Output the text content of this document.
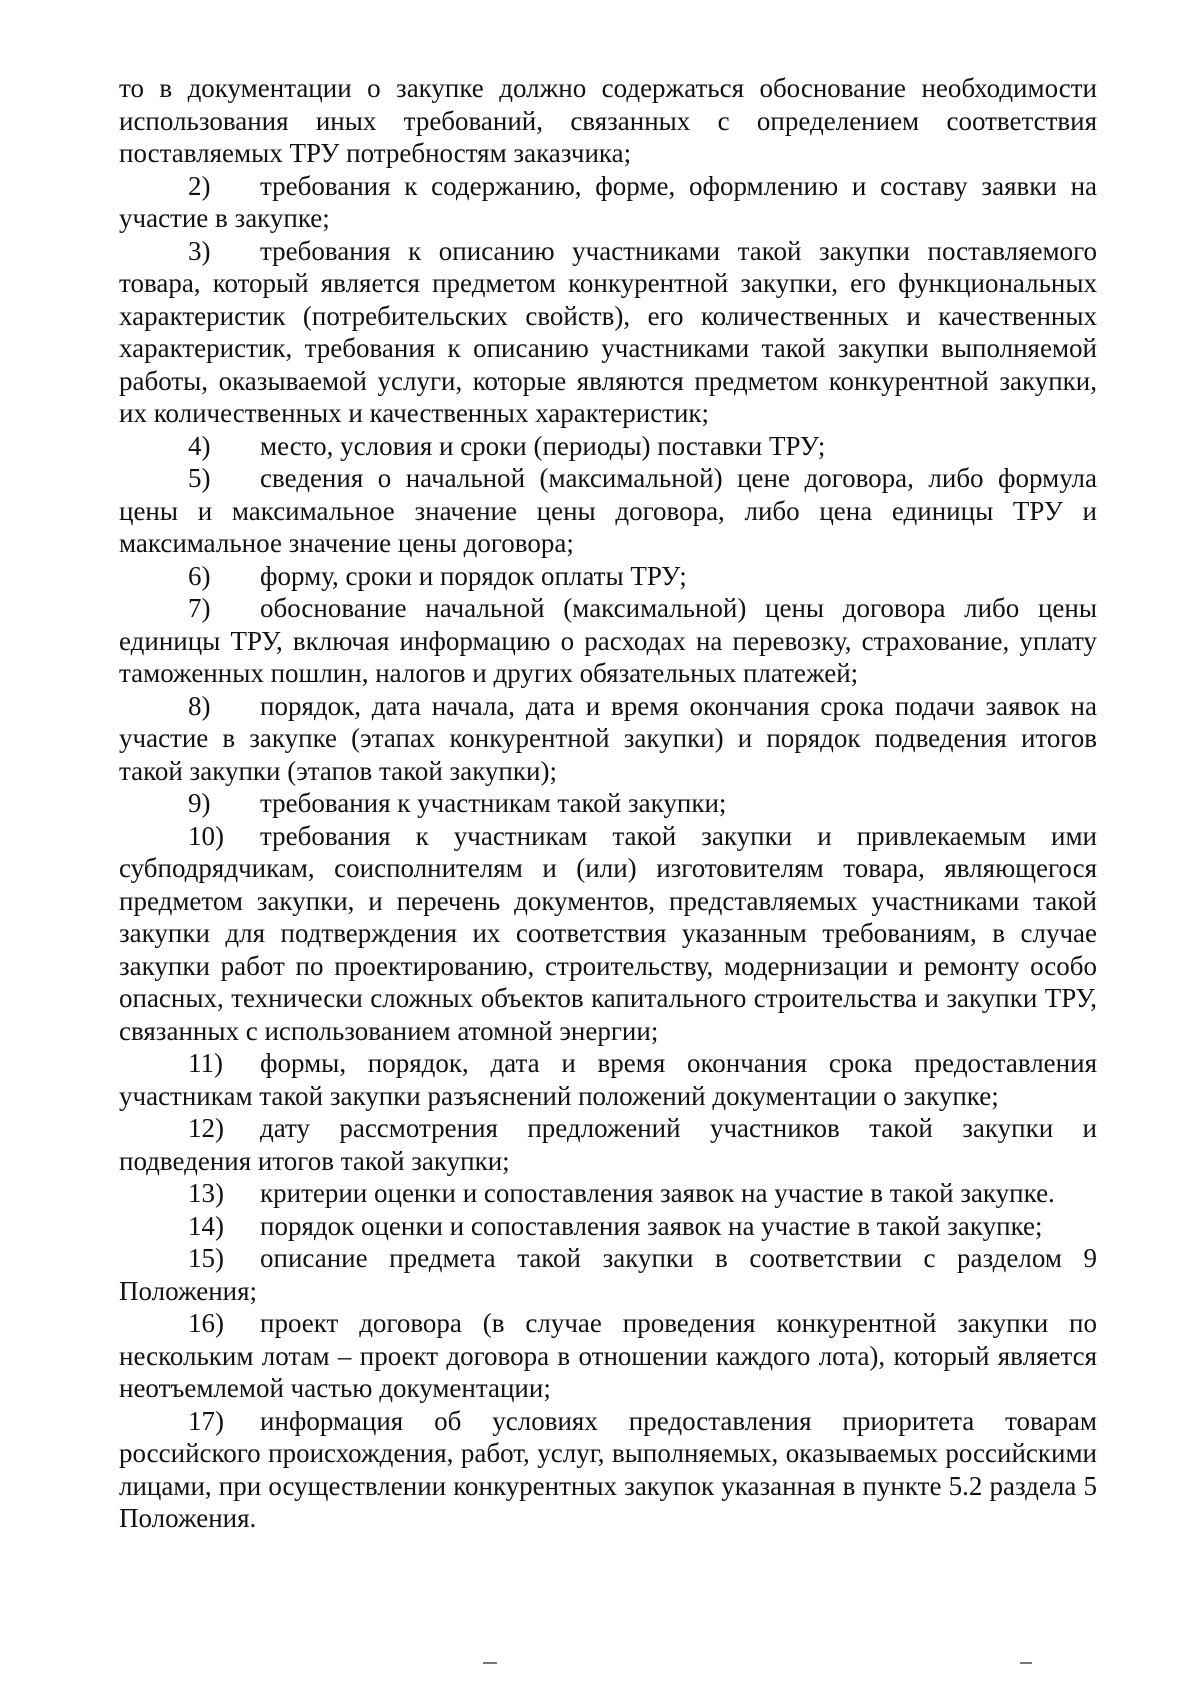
то в документации о закупке должно содержаться обоснование необходимости использования иных требований, связанных с определением соответствия поставляемых ТРУ потребностям заказчика;

2) требования к содержанию, форме, оформлению и составу заявки на участие в закупке;

3) требования к описанию участниками такой закупки поставляемого товара, который является предметом конкурентной закупки, его функциональных характеристик (потребительских свойств), его количественных и качественных характеристик, требования к описанию участниками такой закупки выполняемой работы, оказываемой услуги, которые являются предметом конкурентной закупки, их количественных и качественных характеристик;

4) место, условия и сроки (периоды) поставки ТРУ;

5) сведения о начальной (максимальной) цене договора, либо формула цены и максимальное значение цены договора, либо цена единицы ТРУ и максимальное значение цены договора;

6) форму, сроки и порядок оплаты ТРУ;

7) обоснование начальной (максимальной) цены договора либо цены единицы ТРУ, включая информацию о расходах на перевозку, страхование, уплату таможенных пошлин, налогов и других обязательных платежей;

8) порядок, дата начала, дата и время окончания срока подачи заявок на участие в закупке (этапах конкурентной закупки) и порядок подведения итогов такой закупки (этапов такой закупки);

9) требования к участникам такой закупки;

10) требования к участникам такой закупки и привлекаемым ими субподрядчикам, соисполнителям и (или) изготовителям товара, являющегося предметом закупки, и перечень документов, представляемых участниками такой закупки для подтверждения их соответствия указанным требованиям, в случае закупки работ по проектированию, строительству, модернизации и ремонту особо опасных, технически сложных объектов капитального строительства и закупки ТРУ, связанных с использованием атомной энергии;

11) формы, порядок, дата и время окончания срока предоставления участникам такой закупки разъяснений положений документации о закупке;

12) дату рассмотрения предложений участников такой закупки и подведения итогов такой закупки;

13) критерии оценки и сопоставления заявок на участие в такой закупке.

14) порядок оценки и сопоставления заявок на участие в такой закупке;

15) описание предмета такой закупки в соответствии с разделом 9 Положения;

16) проект договора (в случае проведения конкурентной закупки по нескольким лотам – проект договора в отношении каждого лота), который является неотъемлемой частью документации;

17) информация об условиях предоставления приоритета товарам российского происхождения, работ, услуг, выполняемых, оказываемых российскими лицами, при осуществлении конкурентных закупок указанная в пункте 5.2 раздела 5 Положения.
